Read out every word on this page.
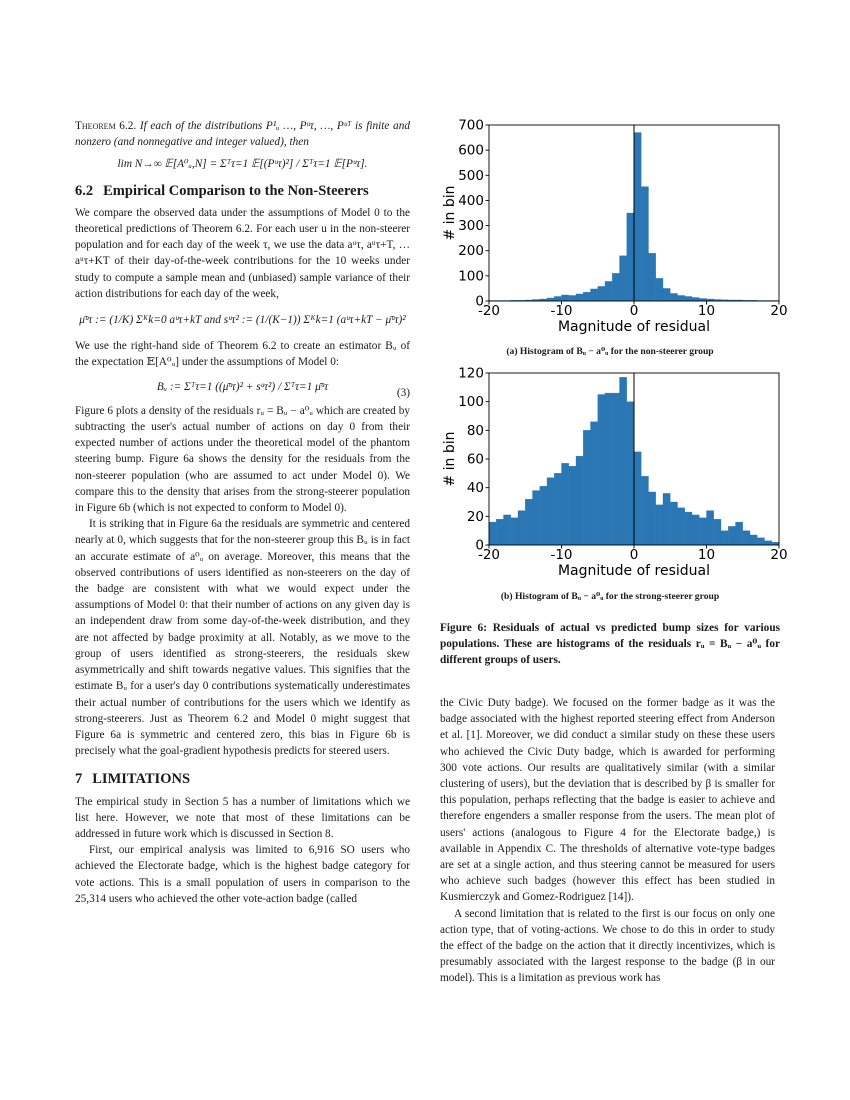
Theorem 6.2. If each of the distributions P¹ᵤ …, Pᵘτ, …, Pᵘᵀ is finite and nonzero (and nonnegative and integer valued), then
lim N→∞ 𝔼[A⁰ᵤ,N] = Σᵀτ=1 𝔼[(Pᵘτ)²] / Σᵀτ=1 𝔼[Pᵘτ].
6.2 Empirical Comparison to the Non-Steerers

We compare the observed data under the assumptions of Model 0 to the theoretical predictions of Theorem 6.2. For each user u in the non-steerer population and for each day of the week τ, we use the data aᵘτ, aᵘτ+T, … aᵘτ+KT of their day-of-the-week contributions for the 10 weeks under study to compute a sample mean and (unbiased) sample variance of their action distributions for each day of the week,

μ̄ᵘτ := (1/K) Σᴷk=0 aᵘτ+kT and sᵘτ² := (1/(K−1)) Σᴷk=1 (aᵘτ+kT − μ̄ᵘτ)²

We use the right-hand side of Theorem 6.2 to create an estimator Bᵤ of the expectation 𝔼[A⁰ᵤ] under the assumptions of Model 0:

Bᵤ := Σᵀτ=1 ((μ̄ᵘτ)² + sᵘτ²) / Σᵀτ=1 μ̄ᵘτ	(3)

Figure 6 plots a density of the residuals rᵤ = Bᵤ − a⁰ᵤ which are created by subtracting the user's actual number of actions on day 0 from their expected number of actions under the theoretical model of the phantom steering bump. Figure 6a shows the density for the residuals from the non-steerer population (who are assumed to act under Model 0). We compare this to the density that arises from the strong-steerer population in Figure 6b (which is not expected to conform to Model 0).

It is striking that in Figure 6a the residuals are symmetric and centered nearly at 0, which suggests that for the non-steerer group this Bᵤ is in fact an accurate estimate of a⁰ᵤ on average. Moreover, this means that the observed contributions of users identified as non-steerers on the day of the badge are consistent with what we would expect under the assumptions of Model 0: that their number of actions on any given day is an independent draw from some day-of-the-week distribution, and they are not affected by badge proximity at all. Notably, as we move to the group of users identified as strong-steerers, the residuals skew asymmetrically and shift towards negative values. This signifies that the estimate Bᵤ for a user's day 0 contributions systematically underestimates their actual number of contributions for the users which we identify as strong-steerers. Just as Theorem 6.2 and Model 0 might suggest that Figure 6a is symmetric and centered zero, this bias in Figure 6b is precisely what the goal-gradient hypothesis predicts for steered users.

7 LIMITATIONS

The empirical study in Section 5 has a number of limitations which we list here. However, we note that most of these limitations can be addressed in future work which is discussed in Section 8.

First, our empirical analysis was limited to 6,916 SO users who achieved the Electorate badge, which is the highest badge category for vote actions. This is a small population of users in comparison to the 25,314 users who achieved the other vote-action badge (called

-20	-10	0	10	20
0
100
200
300
400
500
600
700
Magnitude of residual
# in bin
(a) Histogram of Bᵤ − a⁰ᵤ for the non-steerer group
-20	-10	0	10	20
0
20
40
60
80
100
120
Magnitude of residual
# in bin
(b) Histogram of Bᵤ − a⁰ᵤ for the strong-steerer group
Figure 6: Residuals of actual vs predicted bump sizes for various populations. These are histograms of the residuals rᵤ = Bᵤ − a⁰ᵤ for different groups of users.

the Civic Duty badge). We focused on the former badge as it was the badge associated with the highest reported steering effect from Anderson et al. [1]. Moreover, we did conduct a similar study on these these users who achieved the Civic Duty badge, which is awarded for performing 300 vote actions. Our results are qualitatively similar (with a similar clustering of users), but the deviation that is described by β is smaller for this population, perhaps reflecting that the badge is easier to achieve and therefore engenders a smaller response from the users. The mean plot of users' actions (analogous to Figure 4 for the Electorate badge,) is available in Appendix C. The thresholds of alternative vote-type badges are set at a single action, and thus steering cannot be measured for users who achieve such badges (however this effect has been studied in Kusmierczyk and Gomez-Rodriguez [14]).

A second limitation that is related to the first is our focus on only one action type, that of voting-actions. We chose to do this in order to study the effect of the badge on the action that it directly incentivizes, which is presumably associated with the largest response to the badge (β in our model). This is a limitation as previous work has
